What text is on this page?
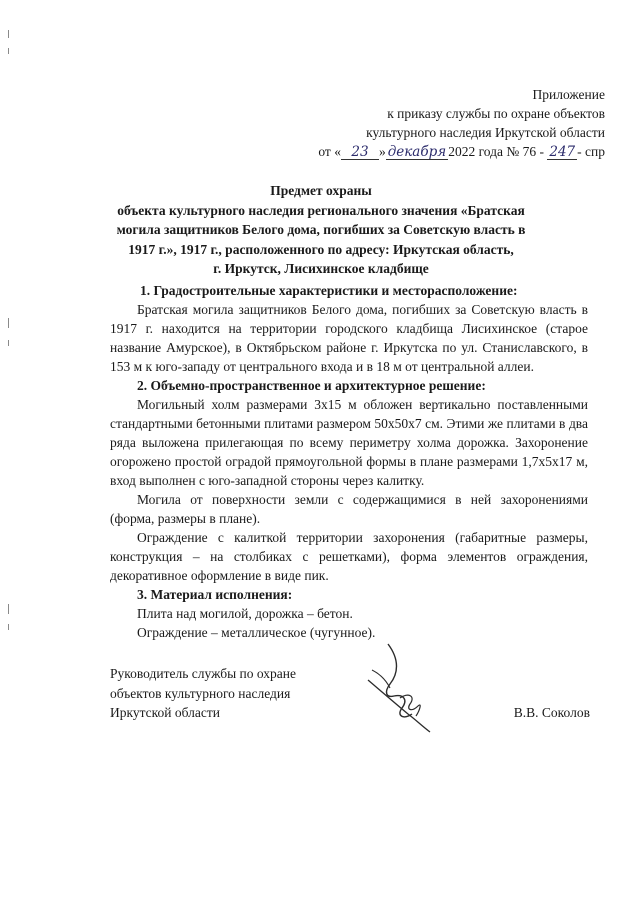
Приложение
к приказу службы по охране объектов
культурного наследия Иркутской области
от « 23 » декабря 2022 года № 76 - 247 - спр
Предмет охраны
объекта культурного наследия регионального значения «Братская
могила защитников Белого дома, погибших за Советскую власть в
1917 г.», 1917 г., расположенного по адресу: Иркутская область,
г. Иркутск, Лисихинское кладбище

1. Градостроительные характеристики и месторасположение:

Братская могила защитников Белого дома, погибших за Советскую власть в 1917 г. находится на территории городского кладбища Лисихинское (старое название Амурское), в Октябрьском районе г. Иркутска по ул. Станиславского, в 153 м к юго-западу от центрального входа и в 18 м от центральной аллеи.

2. Объемно-пространственное и архитектурное решение:

Могильный холм размерами 3х15 м обложен вертикально поставленными стандартными бетонными плитами размером 50х50х7 см. Этими же плитами в два ряда выложена прилегающая по всему периметру холма дорожка. Захоронение огорожено простой оградой прямоугольной формы в плане размерами 1,7х5х17 м, вход выполнен с юго-западной стороны через калитку.

Могила от поверхности земли с содержащимися в ней захоронениями (форма, размеры в плане).

Ограждение с калиткой территории захоронения (габаритные размеры, конструкция – на столбиках с решетками), форма элементов ограждения, декоративное оформление в виде пик.

3. Материал исполнения:

Плита над могилой, дорожка – бетон.

Ограждение – металлическое (чугунное).

Руководитель службы по охране
объектов культурного наследия
Иркутской области	В.В. Соколов
